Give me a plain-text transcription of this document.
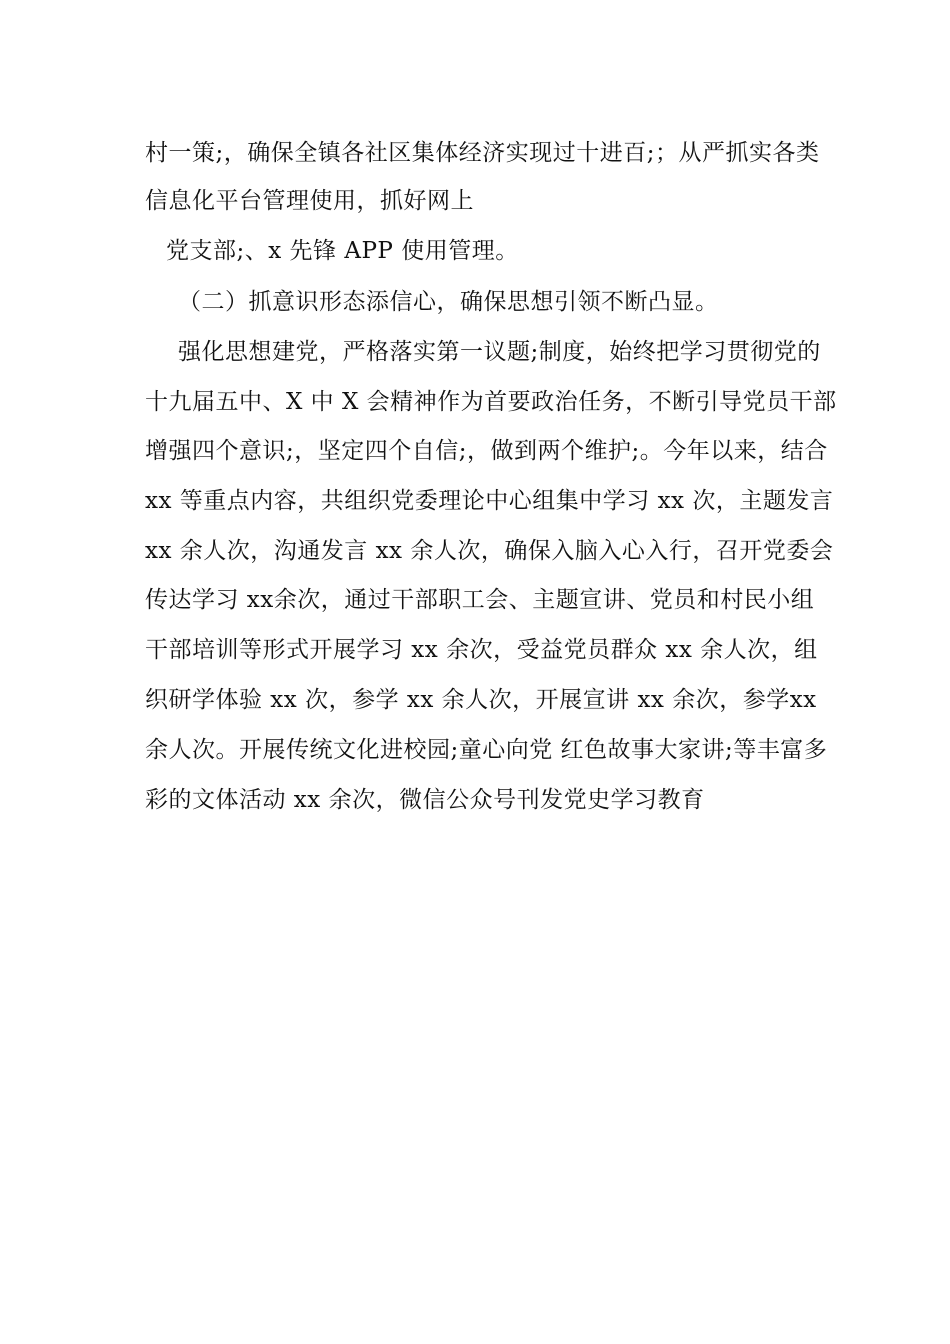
村一策;，确保全镇各社区集体经济实现过十进百;；从严抓实各类
信息化平台管理使用，抓好网上
党支部;、x 先锋 APP 使用管理。
（二）抓意识形态添信心，确保思想引领不断凸显。
强化思想建党，严格落实第一议题;制度，始终把学习贯彻党的
十九届五中、X 中 X 会精神作为首要政治任务，不断引导党员干部
增强四个意识;，坚定四个自信;，做到两个维护;。今年以来，结合
xx 等重点内容，共组织党委理论中心组集中学习 xx 次，主题发言
xx 余人次，沟通发言 xx 余人次，确保入脑入心入行，召开党委会
传达学习 xx余次，通过干部职工会、主题宣讲、党员和村民小组
干部培训等形式开展学习 xx 余次，受益党员群众 xx 余人次，组
织研学体验 xx 次，参学 xx 余人次，开展宣讲 xx 余次，参学xx
余人次。开展传统文化进校园;童心向党 红色故事大家讲;等丰富多
彩的文体活动 xx 余次，微信公众号刊发党史学习教育
